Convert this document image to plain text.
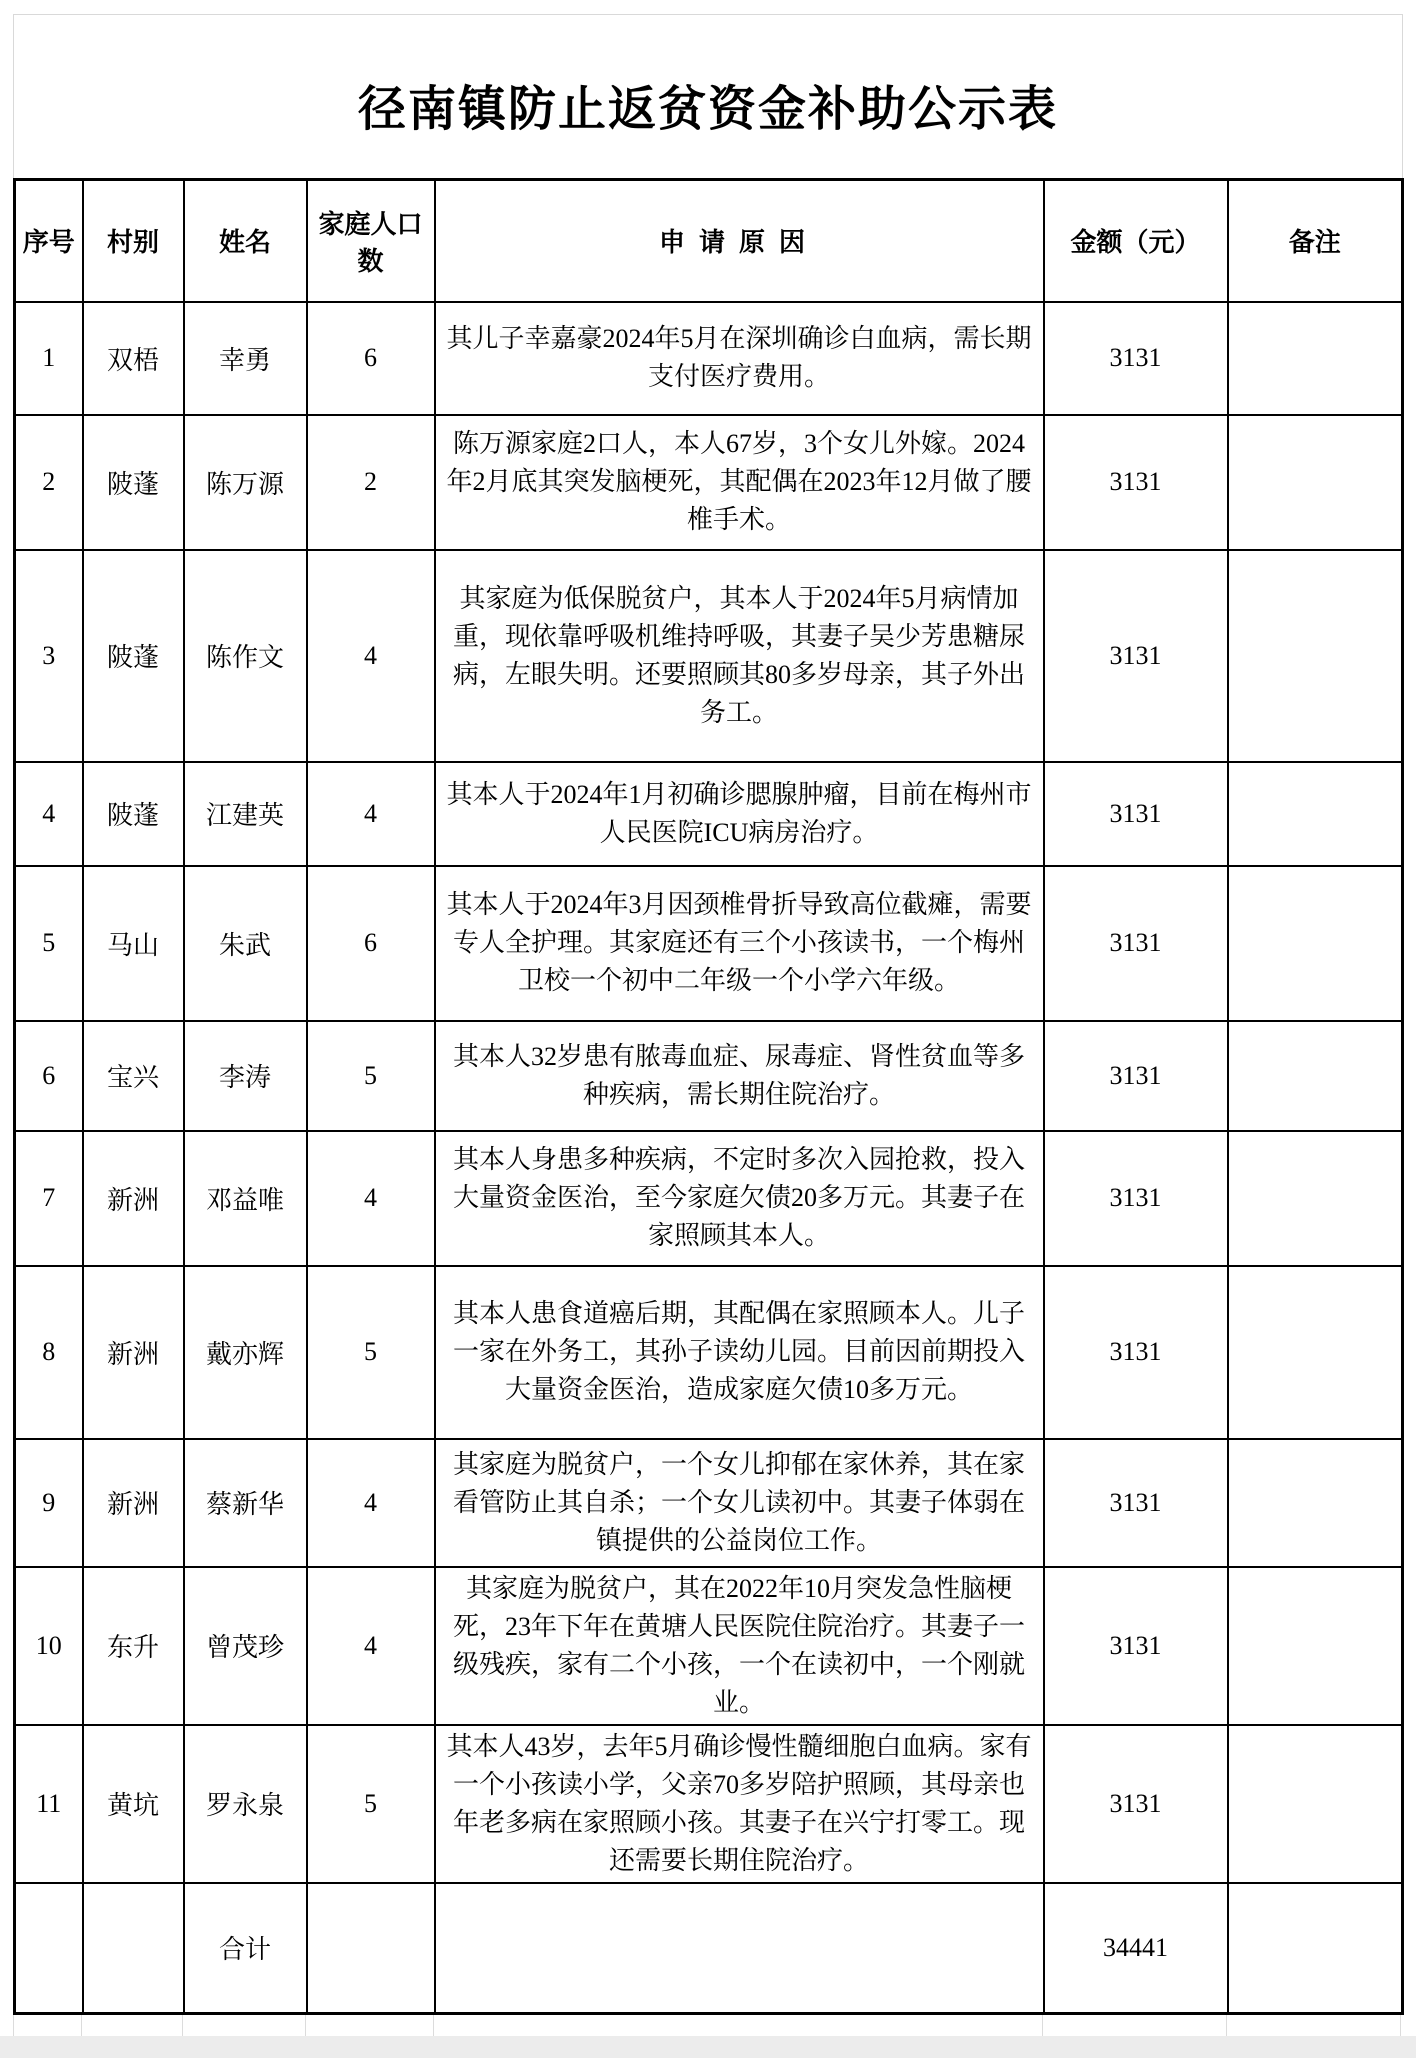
径南镇防止返贫资金补助公示表
序号	村别	姓名	家庭人口数	申请原因	金额（元）	备注
1	双梧	幸勇	6	其儿子幸嘉豪2024年5月在深圳确诊白血病，需长期支付医疗费用。	3131	
2	陂蓬	陈万源	2	陈万源家庭2口人，本人67岁，3个女儿外嫁。2024年2月底其突发脑梗死，其配偶在2023年12月做了腰椎手术。	3131	
3	陂蓬	陈作文	4	其家庭为低保脱贫户，其本人于2024年5月病情加重，现依靠呼吸机维持呼吸，其妻子吴少芳患糖尿病，左眼失明。还要照顾其80多岁母亲，其子外出务工。	3131	
4	陂蓬	江建英	4	其本人于2024年1月初确诊腮腺肿瘤，目前在梅州市人民医院ICU病房治疗。	3131	
5	马山	朱武	6	其本人于2024年3月因颈椎骨折导致高位截瘫，需要专人全护理。其家庭还有三个小孩读书，一个梅州卫校一个初中二年级一个小学六年级。	3131	
6	宝兴	李涛	5	其本人32岁患有脓毒血症、尿毒症、肾性贫血等多种疾病，需长期住院治疗。	3131	
7	新洲	邓益唯	4	其本人身患多种疾病，不定时多次入园抢救，投入大量资金医治，至今家庭欠债20多万元。其妻子在家照顾其本人。	3131	
8	新洲	戴亦辉	5	其本人患食道癌后期，其配偶在家照顾本人。儿子一家在外务工，其孙子读幼儿园。目前因前期投入大量资金医治，造成家庭欠债10多万元。	3131	
9	新洲	蔡新华	4	其家庭为脱贫户，一个女儿抑郁在家休养，其在家看管防止其自杀；一个女儿读初中。其妻子体弱在镇提供的公益岗位工作。	3131	
10	东升	曾茂珍	4	其家庭为脱贫户，其在2022年10月突发急性脑梗死，23年下年在黄塘人民医院住院治疗。其妻子一级残疾，家有二个小孩，一个在读初中，一个刚就业。	3131	
11	黄坑	罗永泉	5	其本人43岁，去年5月确诊慢性髓细胞白血病。家有一个小孩读小学，父亲70多岁陪护照顾，其母亲也年老多病在家照顾小孩。其妻子在兴宁打零工。现还需要长期住院治疗。	3131	
		合计			34441	
